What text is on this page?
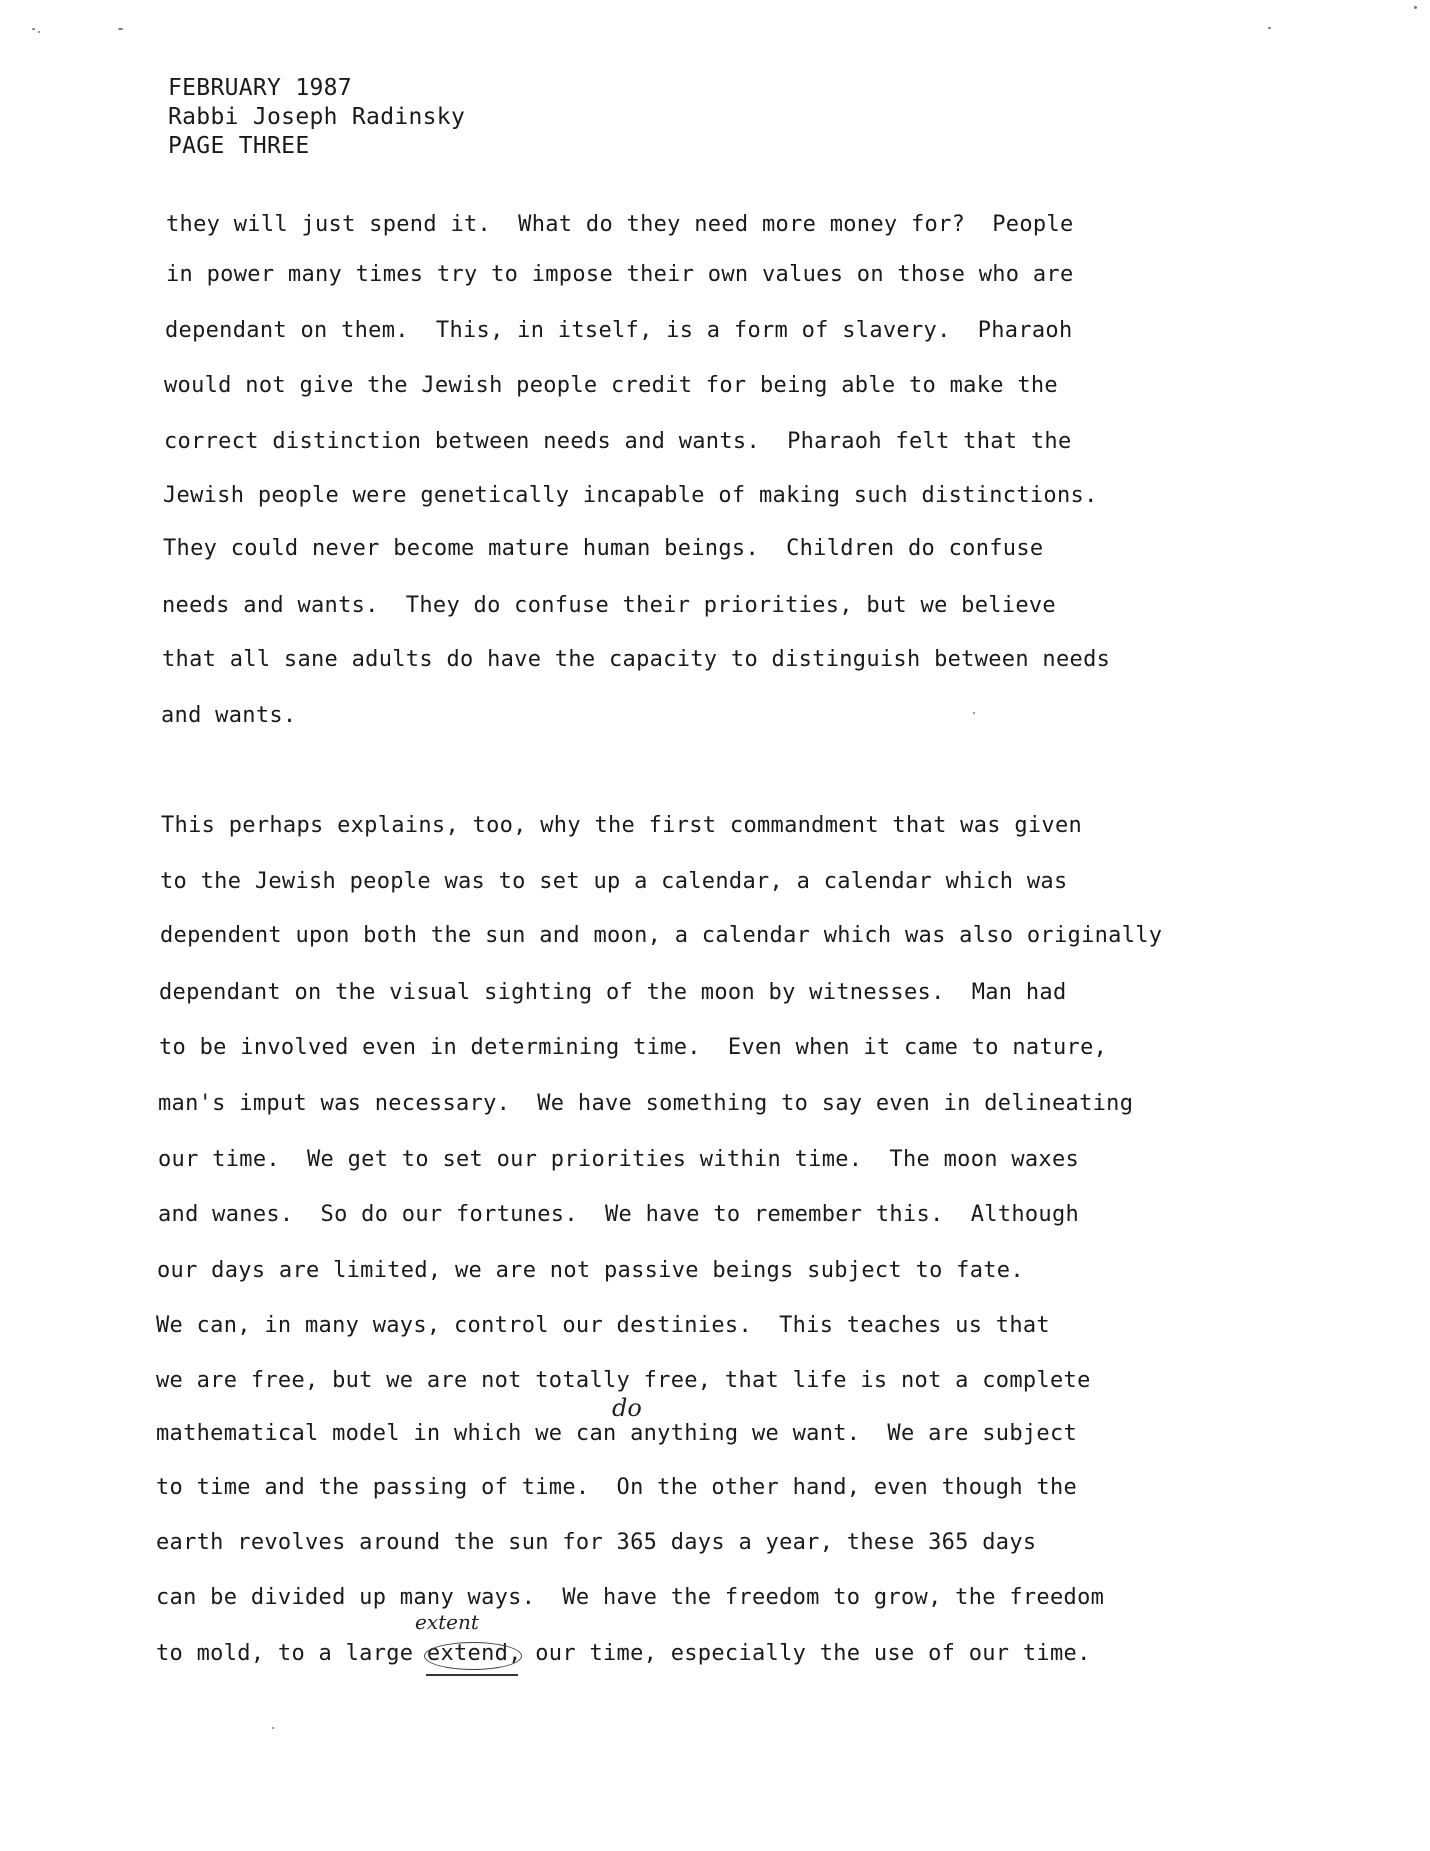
FEBRUARY 1987
Rabbi Joseph Radinsky
PAGE THREE
they will just spend it.  What do they need more money for?  People
in power many times try to impose their own values on those who are
dependant on them.  This, in itself, is a form of slavery.  Pharaoh
would not give the Jewish people credit for being able to make the
correct distinction between needs and wants.  Pharaoh felt that the
Jewish people were genetically incapable of making such distinctions.
They could never become mature human beings.  Children do confuse
needs and wants.  They do confuse their priorities, but we believe
that all sane adults do have the capacity to distinguish between needs
and wants.
This perhaps explains, too, why the first commandment that was given
to the Jewish people was to set up a calendar, a calendar which was
dependent upon both the sun and moon, a calendar which was also originally
dependant on the visual sighting of the moon by witnesses.  Man had
to be involved even in determining time.  Even when it came to nature,
man's imput was necessary.  We have something to say even in delineating
our time.  We get to set our priorities within time.  The moon waxes
and wanes.  So do our fortunes.  We have to remember this.  Although
our days are limited, we are not passive beings subject to fate.
We can, in many ways, control our destinies.  This teaches us that
we are free, but we are not totally free, that life is not a complete
mathematical model in which we can anything we want.  We are subject
to time and the passing of time.  On the other hand, even though the
earth revolves around the sun for 365 days a year, these 365 days
can be divided up many ways.  We have the freedom to grow, the freedom
to mold, to a large extend, our time, especially the use of our time.
do
extent
